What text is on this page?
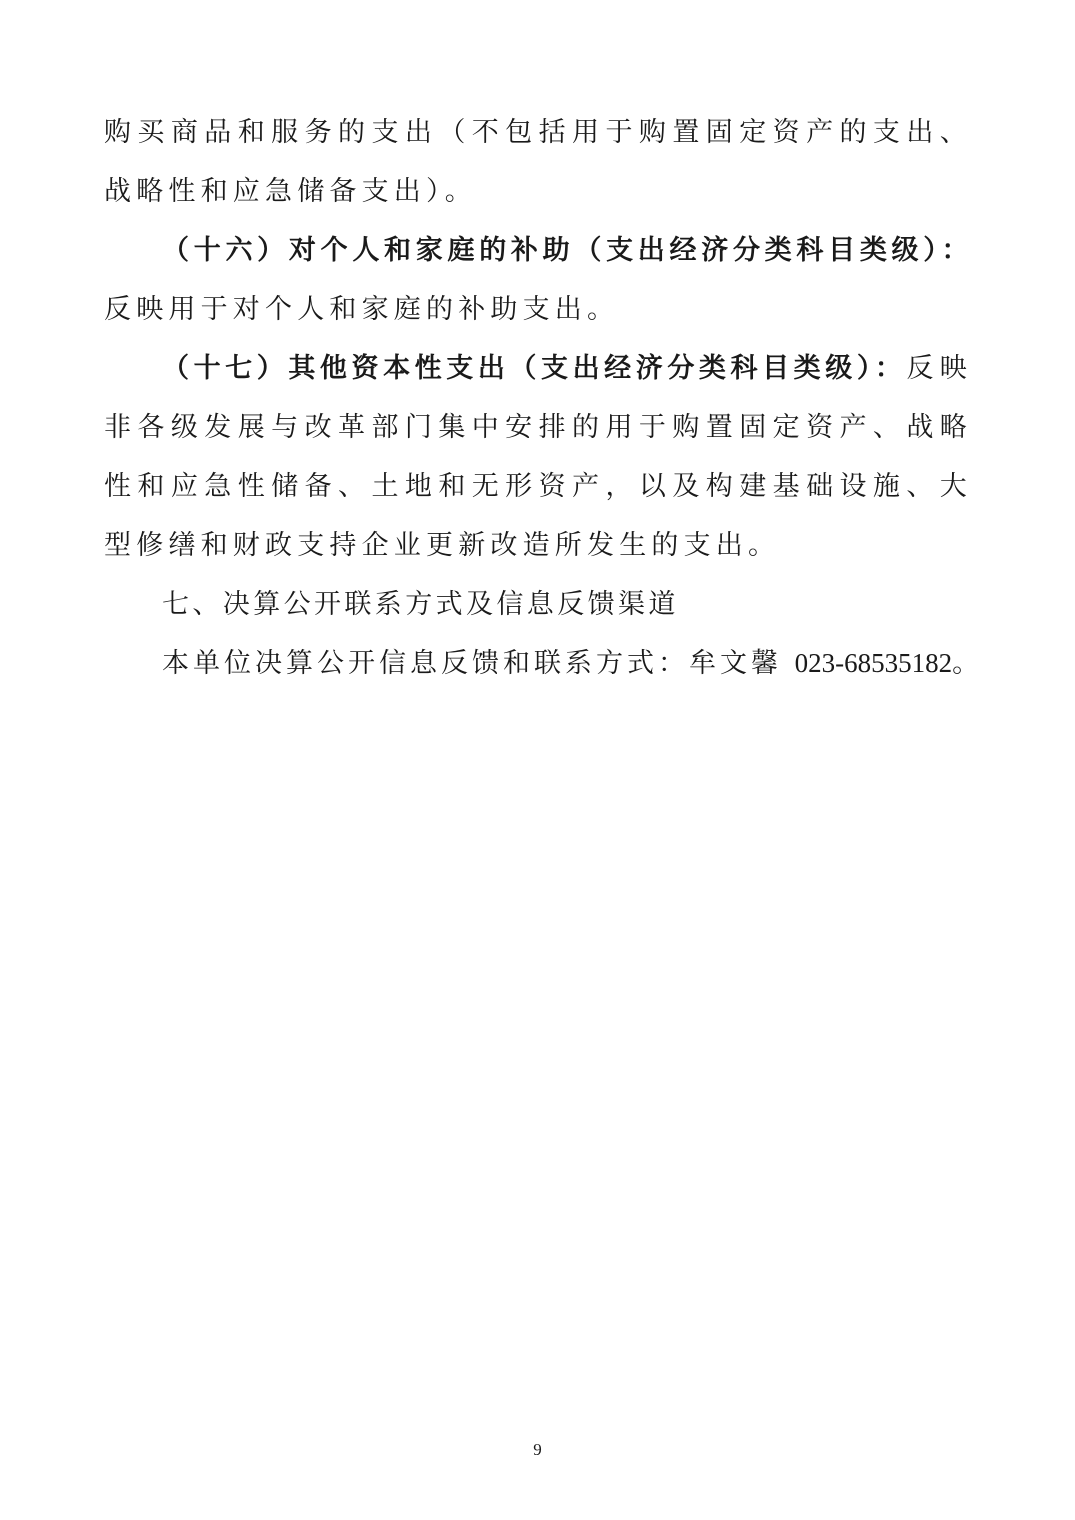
购买商品和服务的支出（不包括用于购置固定资产的支出、战略性和应急储备支出）。

（十六）对个人和家庭的补助（支出经济分类科目类级）：反映用于对个人和家庭的补助支出。

（十七）其他资本性支出（支出经济分类科目类级）：反映非各级发展与改革部门集中安排的用于购置固定资产、战略性和应急性储备、土地和无形资产，以及构建基础设施、大型修缮和财政支持企业更新改造所发生的支出。

七、决算公开联系方式及信息反馈渠道

本单位决算公开信息反馈和联系方式：牟文馨 023-68535182。

9
